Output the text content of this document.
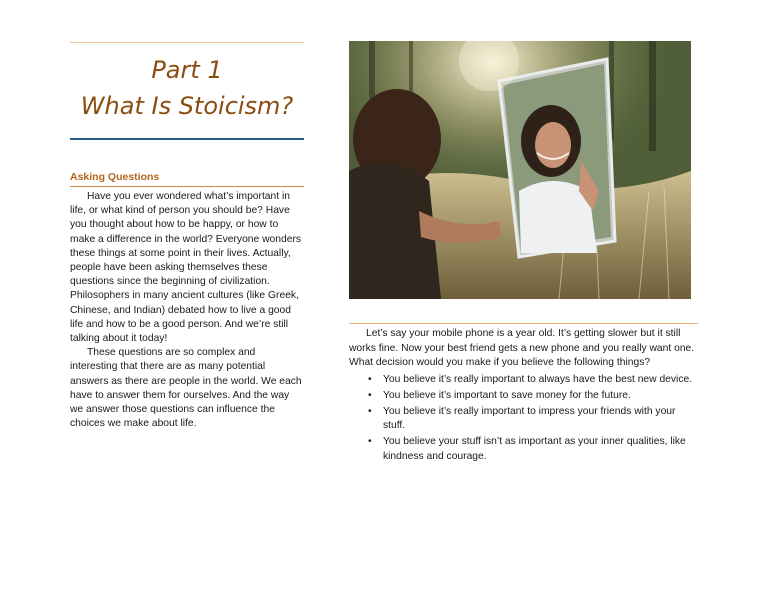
Part 1
What Is Stoicism?
Asking Questions

Have you ever wondered what’s important in life, or what kind of person you should be? Have you thought about how to be happy, or how to make a difference in the world? Everyone wonders these things at some point in their lives. Actually, people have been asking themselves these questions since the beginning of civilization. Philosophers in many ancient cultures (like Greek, Chinese, and Indian) debated how to live a good life and how to be a good person. And we’re still talking about it today!

These questions are so complex and interesting that there are as many potential answers as there are people in the world. We each have to answer them for ourselves. And the way we answer those questions can influence the choices we make about life.

Let’s say your mobile phone is a year old. It’s getting slower but it still works fine. Now your best friend gets a new phone and you really want one. What decision would you make if you believe the following things?

• You believe it’s really important to always have the best new device.
• You believe it’s important to save money for the future.
• You believe it’s really important to impress your friends with your stuff.
• You believe your stuff isn’t as important as your inner qualities, like kindness and courage.
